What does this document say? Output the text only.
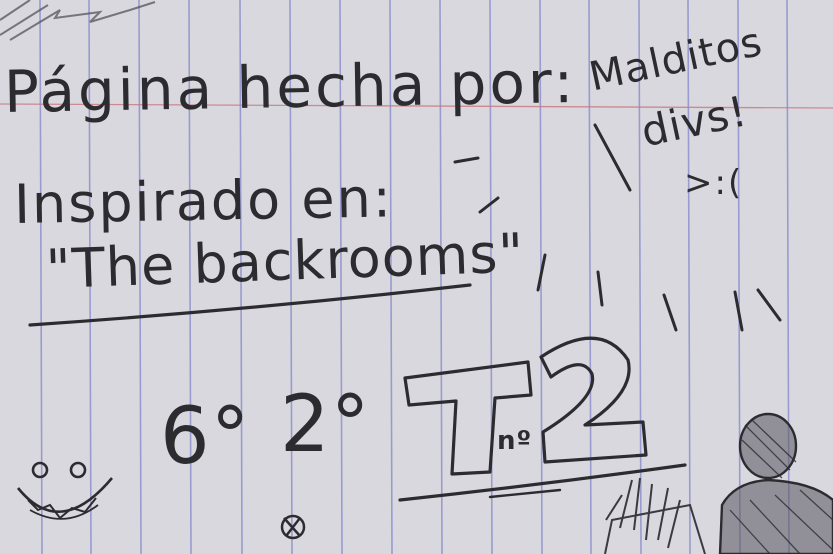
Página hecha por:
Inspirado en:
"The backrooms"
Malditos
divs!
>:(
6° 2°	nº
